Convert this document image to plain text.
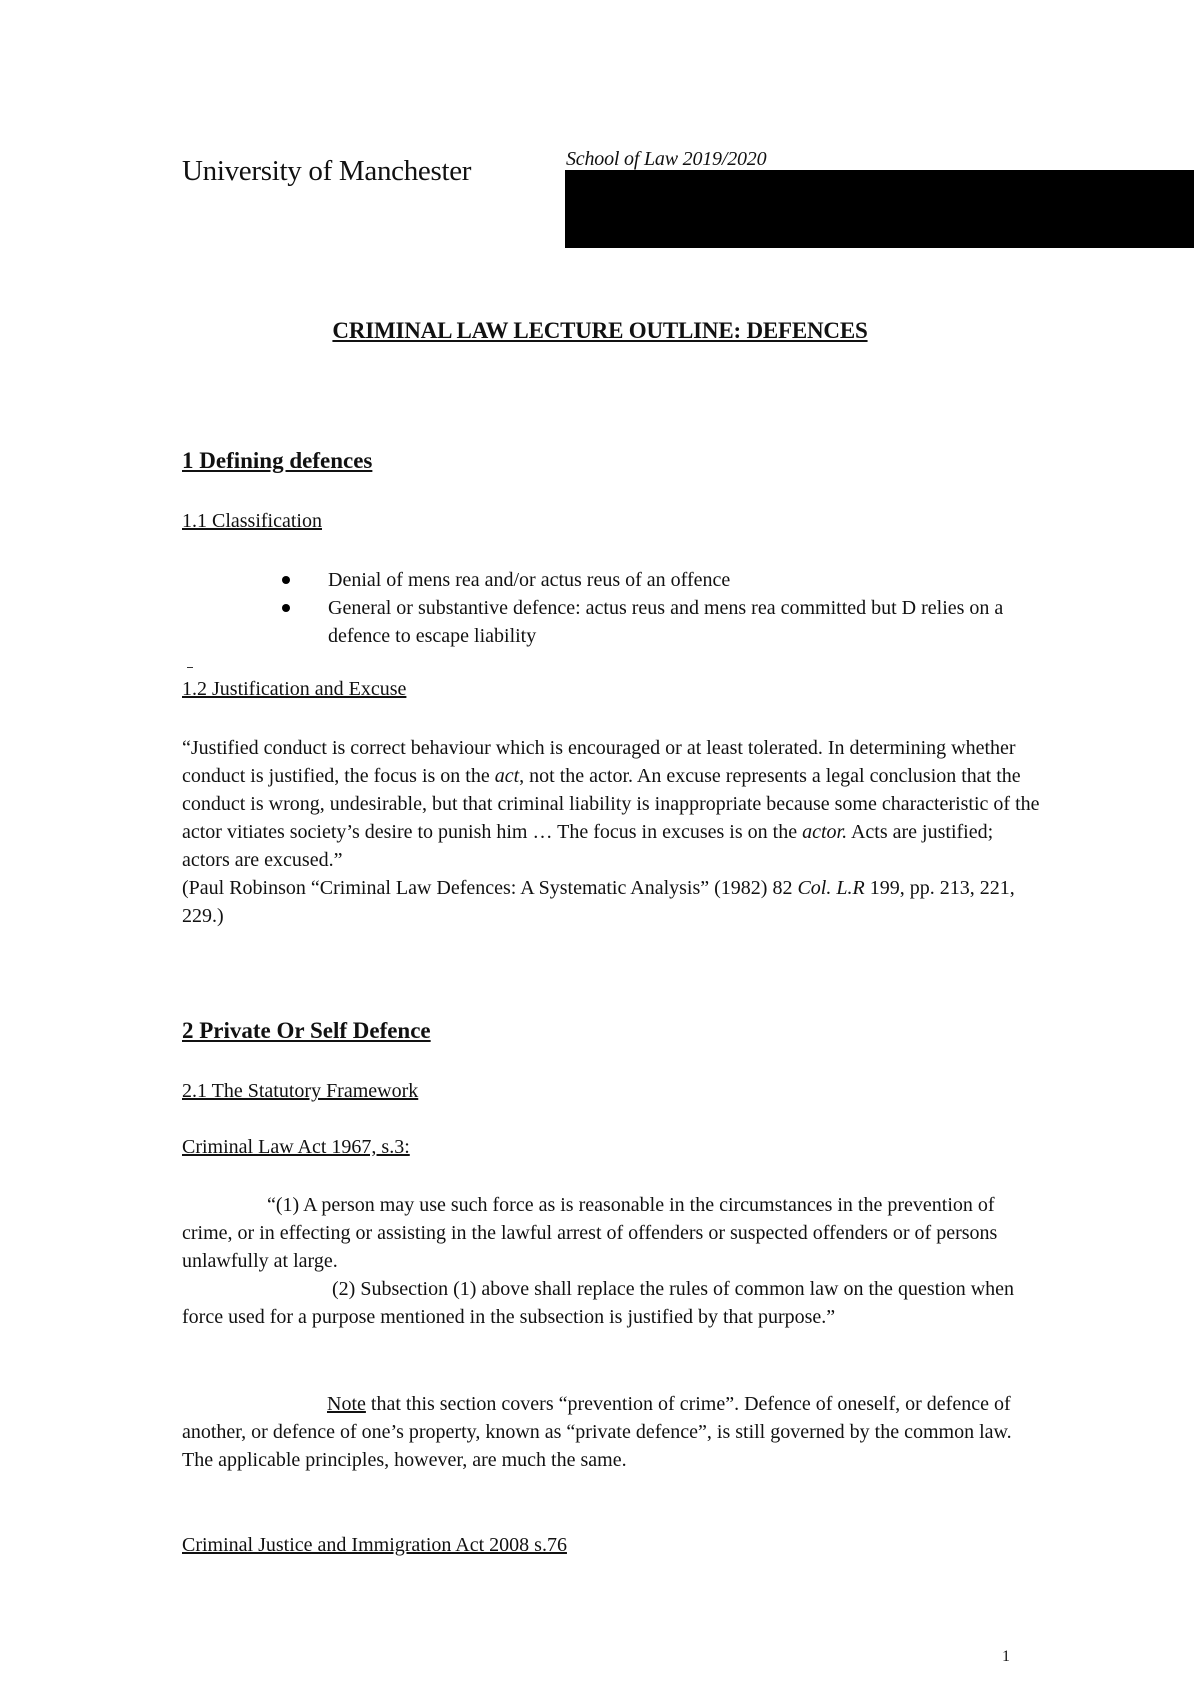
University of Manchester	School of Law 2019/2020
CRIMINAL LAW LECTURE OUTLINE: DEFENCES
1 Defining defences
1.1 Classification
Denial of mens rea and/or actus reus of an offence
General or substantive defence: actus reus and mens rea committed but D relies on a defence to escape liability
1.2 Justification and Excuse
“Justified conduct is correct behaviour which is encouraged or at least tolerated. In determining whether conduct is justified, the focus is on the act, not the actor. An excuse represents a legal conclusion that the conduct is wrong, undesirable, but that criminal liability is inappropriate because some characteristic of the actor vitiates society’s desire to punish him … The focus in excuses is on the actor. Acts are justified; actors are excused.”
(Paul Robinson “Criminal Law Defences: A Systematic Analysis” (1982) 82 Col. L.R 199, pp. 213, 221, 229.)
2 Private Or Self Defence
2.1 The Statutory Framework
Criminal Law Act 1967, s.3:
“(1) A person may use such force as is reasonable in the circumstances in the prevention of crime, or in effecting or assisting in the lawful arrest of offenders or suspected offenders or of persons unlawfully at large.
(2) Subsection (1) above shall replace the rules of common law on the question when force used for a purpose mentioned in the subsection is justified by that purpose.”
Note that this section covers “prevention of crime”. Defence of oneself, or defence of another, or defence of one’s property, known as “private defence”, is still governed by the common law. The applicable principles, however, are much the same.
Criminal Justice and Immigration Act 2008 s.76
1
